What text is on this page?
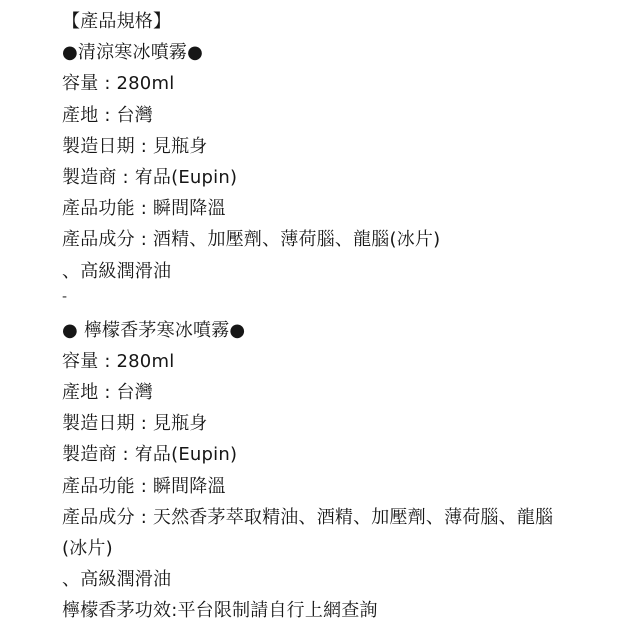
【產品規格】
●清涼寒冰噴霧●
容量 : 280ml
產地 : 台灣
製造日期 : 見瓶身
製造商 : 宥品(Eupin)
產品功能 : 瞬間降溫
產品成分 : 酒精、加壓劑、薄荷腦、龍腦(冰片)
、高級潤滑油
-
● 檸檬香茅寒冰噴霧●
容量 : 280ml
產地 : 台灣
製造日期 : 見瓶身
製造商 : 宥品(Eupin)
產品功能 : 瞬間降溫
產品成分 : 天然香茅萃取精油、酒精、加壓劑、薄荷腦、龍腦
(冰片)
、高級潤滑油
檸檬香茅功效:平台限制請自行上網查詢
